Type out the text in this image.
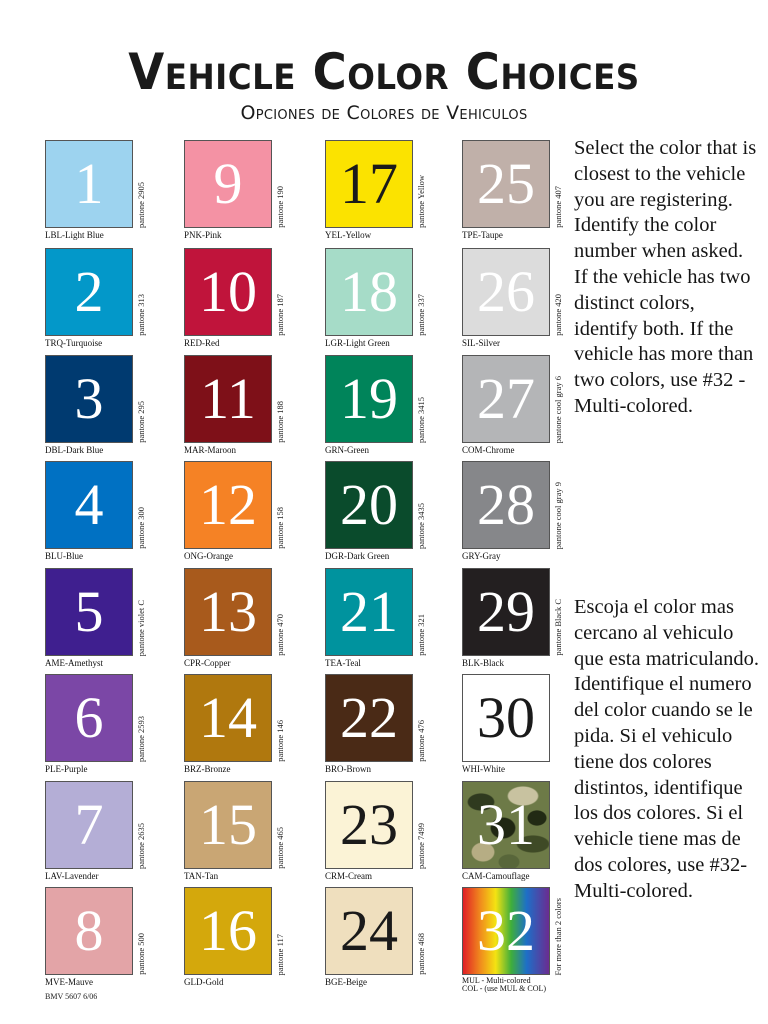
Vehicle Color Choices
Opciones de Colores de Vehiculos
1	pantone 2905
LBL-Light Blue
2	pantone 313
TRQ-Turquoise
3	pantone 295
DBL-Dark Blue
4	pantone 300
BLU-Blue
5	pantone violet C
AME-Amethyst
6	pantone 2593
PLE-Purple
7	pantone 2635
LAV-Lavender
8	pantone 500
MVE-Mauve
9	pantone 190
PNK-Pink
10 pantone 187
RED-Red
11 pantone 188
MAR-Maroon
12 pantone 158
ONG-Orange
13 pantone 470
CPR-Copper
14 pantone 146
BRZ-Bronze
15 pantone 465
TAN-Tan
16 pantone 117
GLD-Gold
17 pantone Yellow
YEL-Yellow
18 pantone 337
LGR-Light Green
19 pantone 3415
GRN-Green
20 pantone 3435
DGR-Dark Green
21 pantone 321
TEA-Teal
22 pantone 476
BRO-Brown
23 pantone 7499
CRM-Cream
24 pantone 468
BGE-Beige
25 pantone 407
TPE-Taupe
26 pantone 420
SIL-Silver
27 pantone cool gray 6
COM-Chrome
28 pantone cool gray 9
GRY-Gray
29 pantone Black C
BLK-Black
30
WHI-White
31
CAM-Camouflage
32 For more than 2 colors
MUL - Multi-colored
COL - (use MUL & COL)
Select the color that is closest to the vehicle you are registering. Identify the color number when asked. If the vehicle has two distinct colors, identify both. If the vehicle has more than two colors, use #32 - Multi-colored.
Escoja el color mas cercano al vehiculo que esta matriculando. Identifique el numero del color cuando se le pida. Si el vehiculo tiene dos colores distintos, identifique los dos colores. Si el vehicle tiene mas de dos colores, use #32- Multi-colored.
BMV 5607 6/06
